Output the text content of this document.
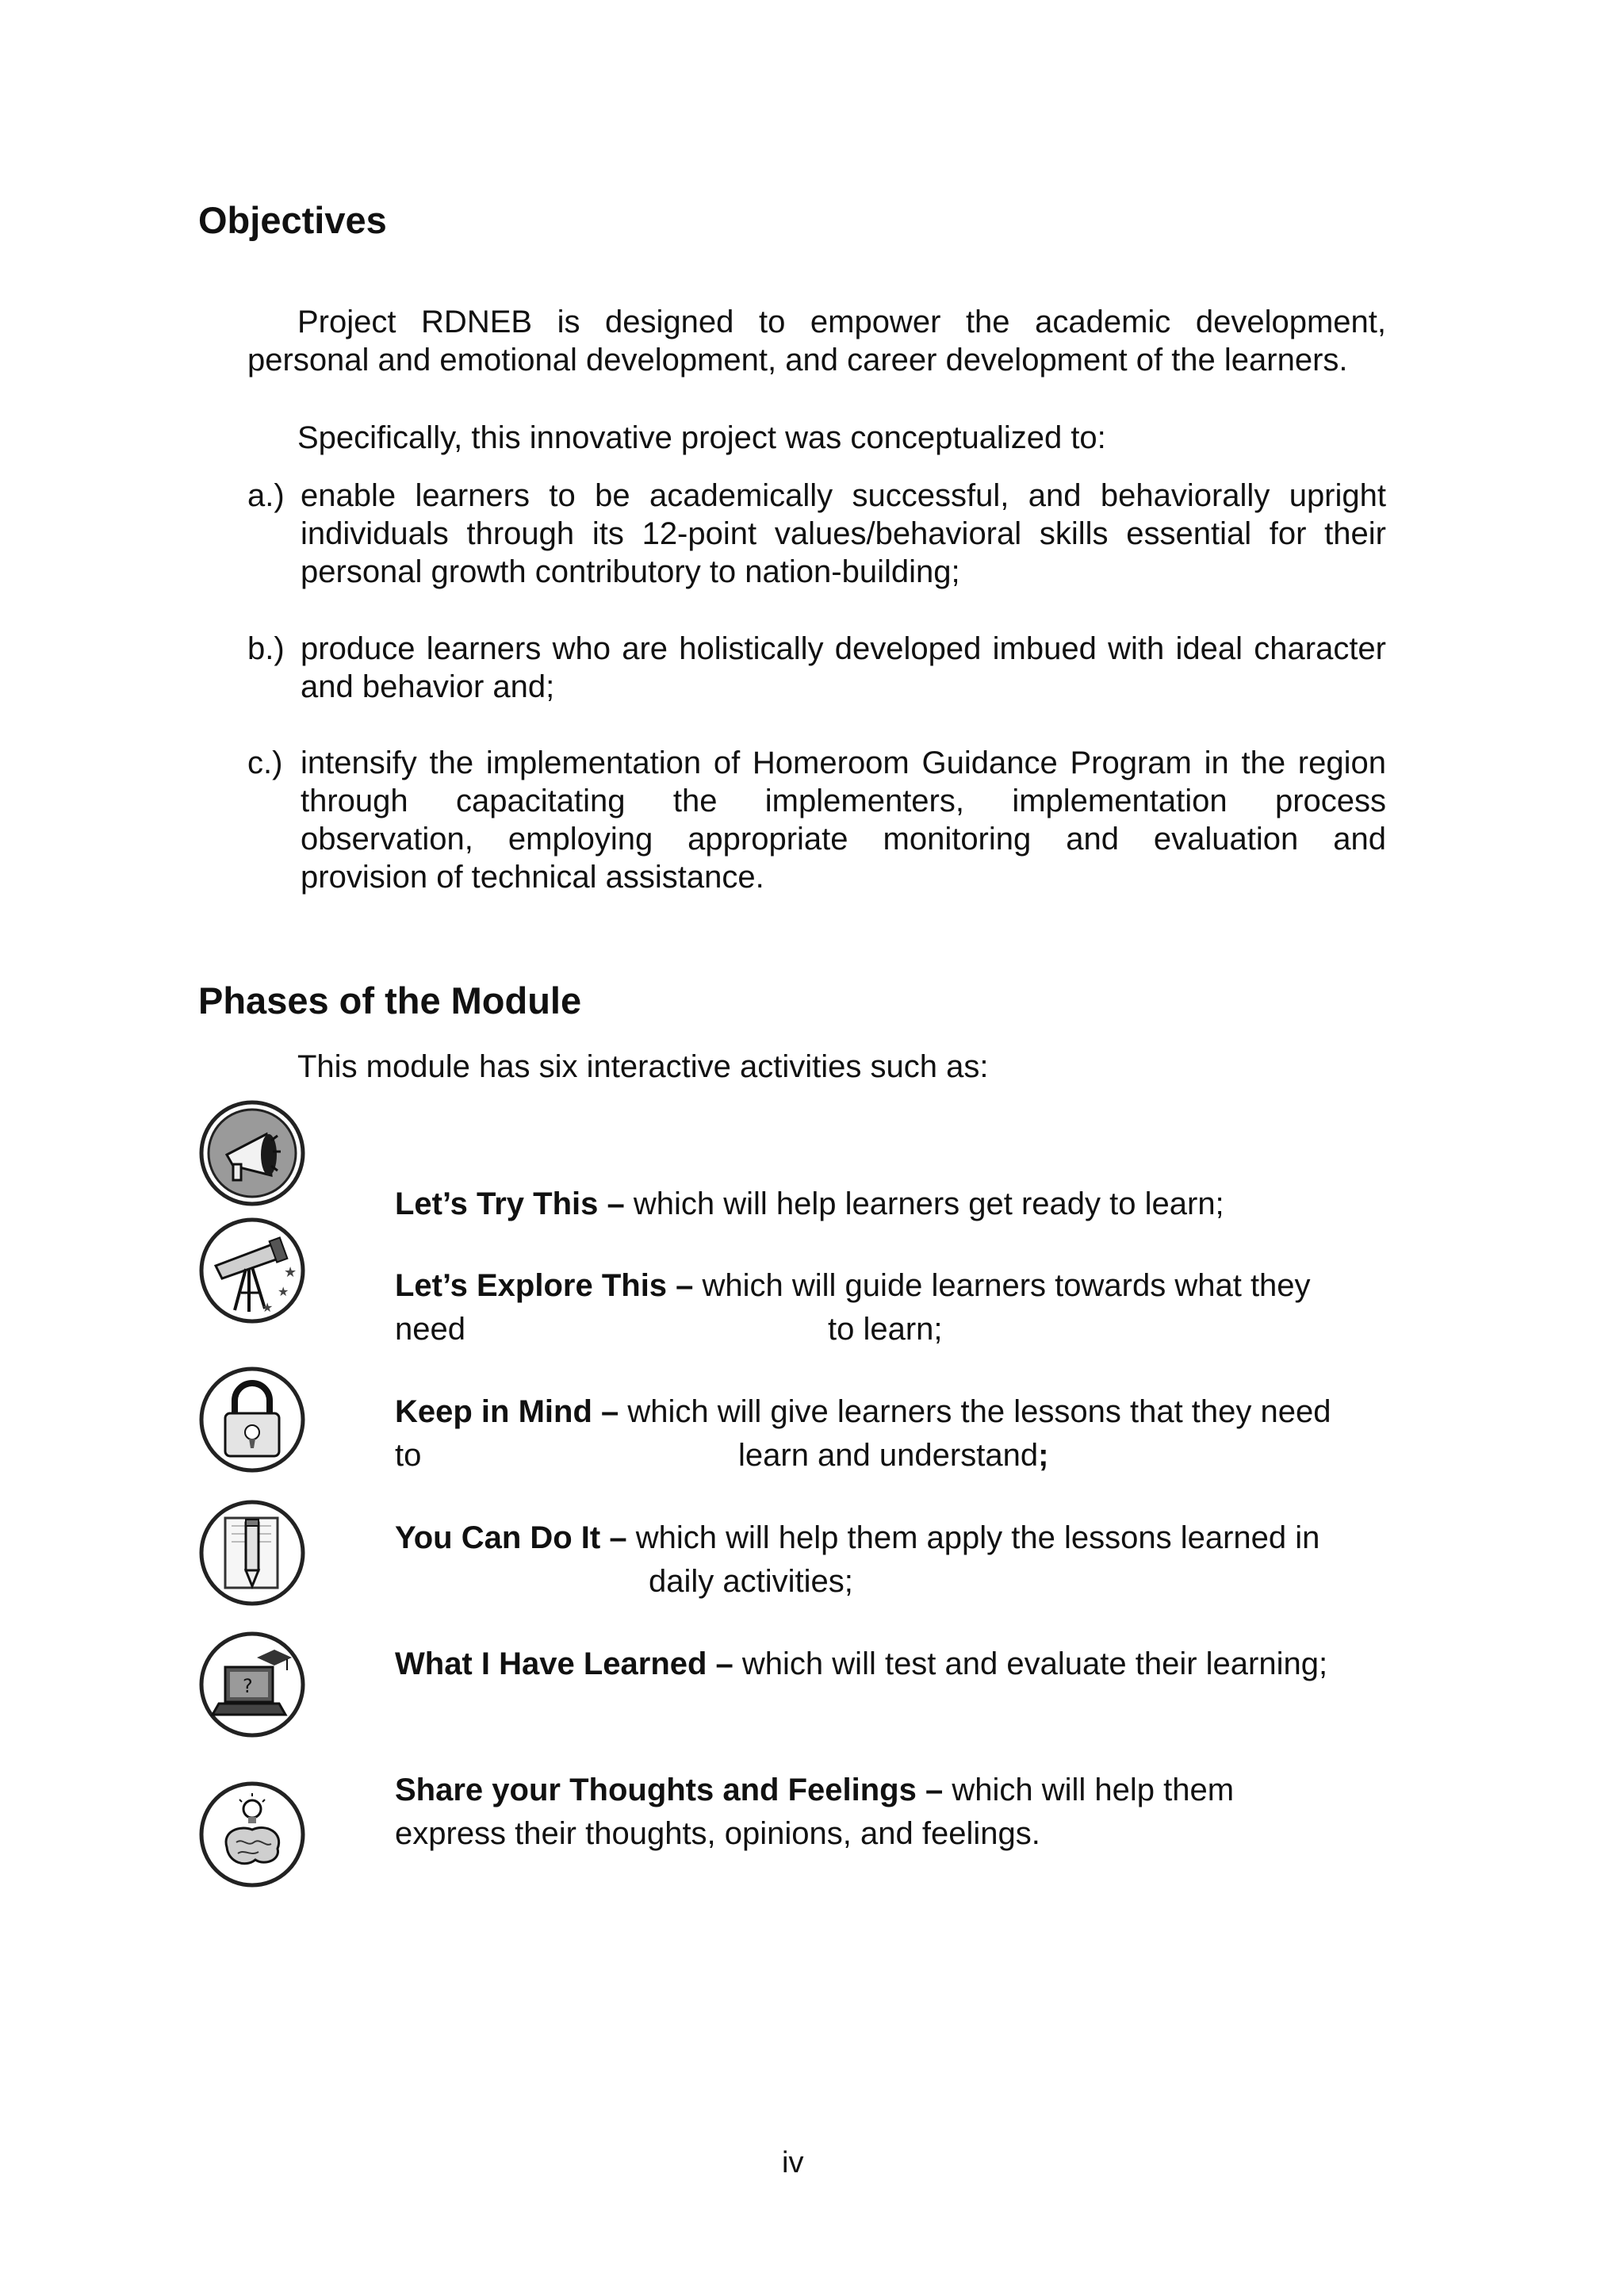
Objectives

Project RDNEB is designed to empower the academic development,

personal and emotional development, and career development of the learners.

Specifically, this innovative project was conceptualized to:

a.) enable learners to be academically successful, and behaviorally upright

individuals through its 12-point values/behavioral skills essential for their

personal growth contributory to nation-building;

b.) produce learners who are holistically developed imbued with ideal character

and behavior and;

c.) intensify the implementation of Homeroom Guidance Program in the region

through capacitating the implementers, implementation process

observation, employing appropriate monitoring and evaluation and

provision of technical assistance.

Phases of the Module

This module has six interactive activities such as:

★
★
★
?

Let’s Try This – which will help learners get ready to learn;

Let’s Explore This – which will guide learners towards what they

need	to learn;

Keep in Mind – which will give learners the lessons that they need

to	learn and understand;

You Can Do It – which will help them apply the lessons learned in

daily activities;

What I Have Learned – which will test and evaluate their learning;

Share your Thoughts and Feelings – which will help them

express their thoughts, opinions, and feelings.
iv
